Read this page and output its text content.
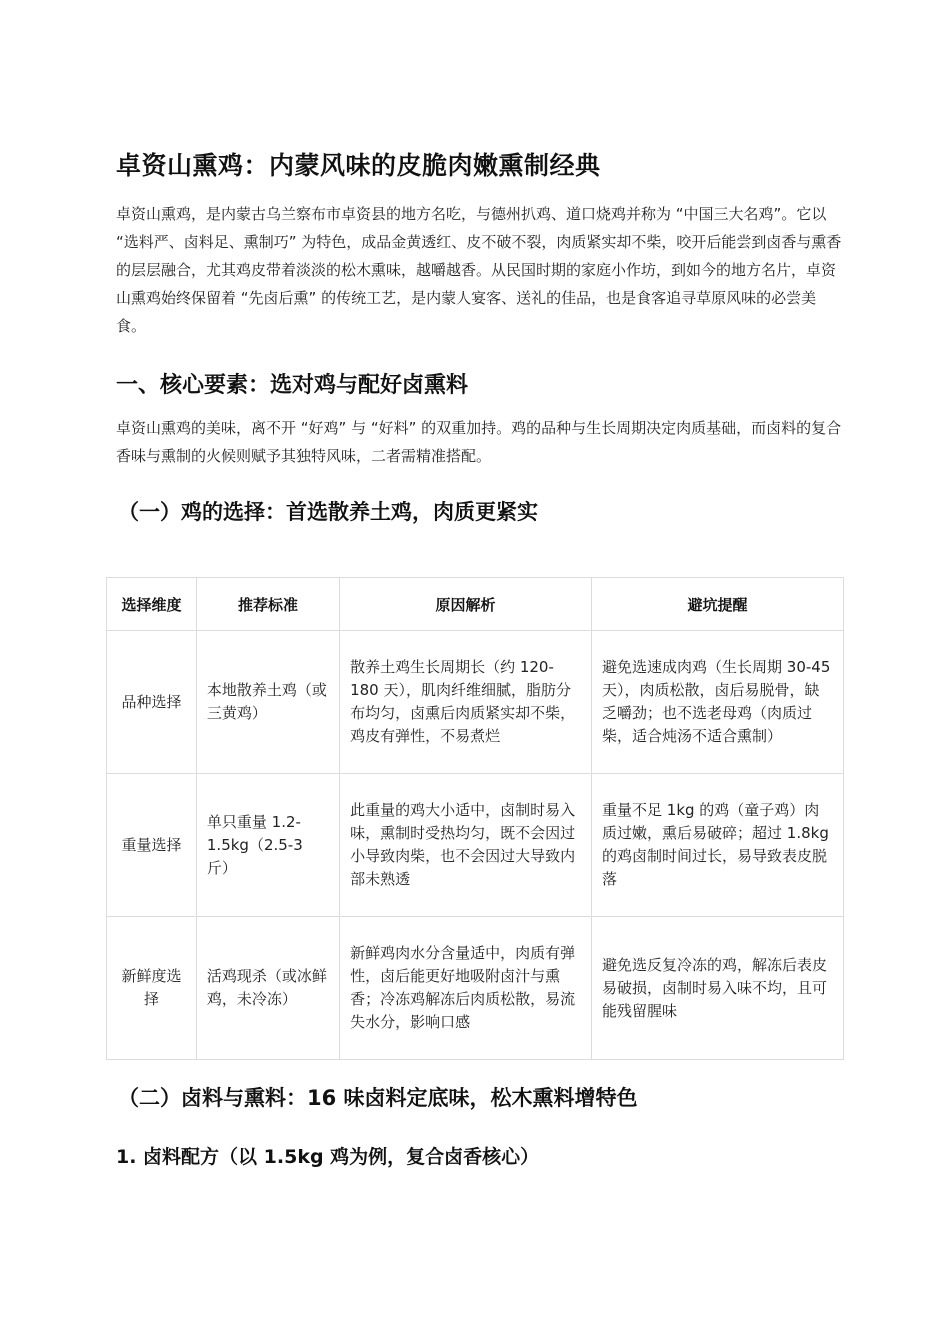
卓资山熏鸡：内蒙风味的皮脆肉嫩熏制经典

卓资山熏鸡，是内蒙古乌兰察布市卓资县的地方名吃，与德州扒鸡、道口烧鸡并称为 “中国三大名鸡”。它以 “选料严、卤料足、熏制巧” 为特色，成品金黄透红、皮不破不裂，肉质紧实却不柴，咬开后能尝到卤香与熏香的层层融合，尤其鸡皮带着淡淡的松木熏味，越嚼越香。从民国时期的家庭小作坊，到如今的地方名片，卓资山熏鸡始终保留着 “先卤后熏” 的传统工艺，是内蒙人宴客、送礼的佳品，也是食客追寻草原风味的必尝美食。

一、核心要素：选对鸡与配好卤熏料

卓资山熏鸡的美味，离不开 “好鸡” 与 “好料” 的双重加持。鸡的品种与生长周期决定肉质基础，而卤料的复合香味与熏制的火候则赋予其独特风味，二者需精准搭配。

（一）鸡的选择：首选散养土鸡，肉质更紧实
选择维度	推荐标准	原因解析	避坑提醒
品种选择	本地散养土鸡（或三黄鸡）	散养土鸡生长周期长（约 120-180 天），肌肉纤维细腻，脂肪分布均匀，卤熏后肉质紧实却不柴，鸡皮有弹性，不易煮烂	避免选速成肉鸡（生长周期 30-45 天），肉质松散，卤后易脱骨，缺乏嚼劲；也不选老母鸡（肉质过柴，适合炖汤不适合熏制）
重量选择	单只重量 1.2-1.5kg（2.5-3 斤）	此重量的鸡大小适中，卤制时易入味，熏制时受热均匀，既不会因过小导致肉柴，也不会因过大导致内部未熟透	重量不足 1kg 的鸡（童子鸡）肉质过嫩，熏后易破碎；超过 1.8kg 的鸡卤制时间过长，易导致表皮脱落
新鲜度选择	活鸡现杀（或冰鲜鸡，未冷冻）	新鲜鸡肉水分含量适中，肉质有弹性，卤后能更好地吸附卤汁与熏香；冷冻鸡解冻后肉质松散，易流失水分，影响口感	避免选反复冷冻的鸡，解冻后表皮易破损，卤制时易入味不均，且可能残留腥味
（二）卤料与熏料：16 味卤料定底味，松木熏料增特色
1. 卤料配方（以 1.5kg 鸡为例，复合卤香核心）
